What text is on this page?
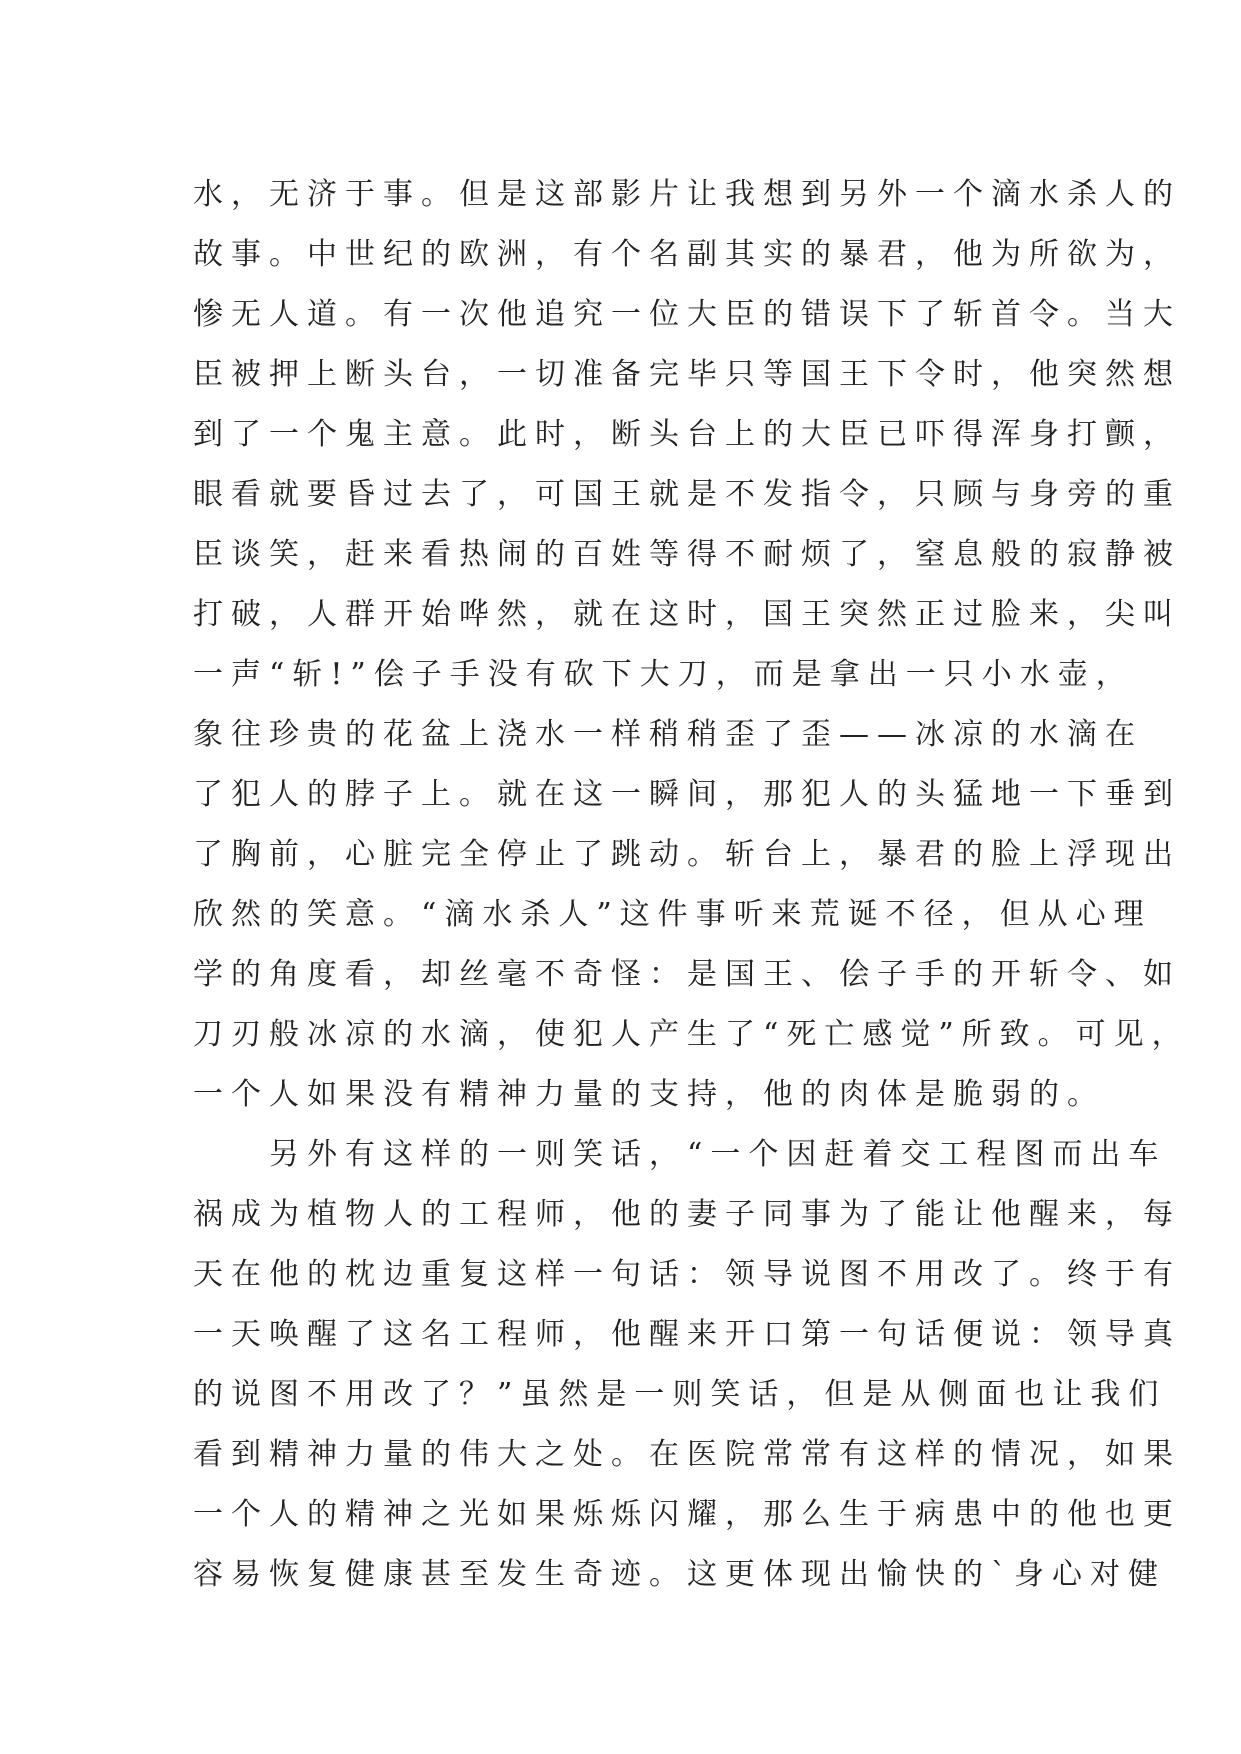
水，无济于事。但是这部影片让我想到另外一个滴水杀人的
故事。中世纪的欧洲，有个名副其实的暴君，他为所欲为，
惨无人道。有一次他追究一位大臣的错误下了斩首令。当大
臣被押上断头台，一切准备完毕只等国王下令时，他突然想
到了一个鬼主意。此时，断头台上的大臣已吓得浑身打颤，
眼看就要昏过去了，可国王就是不发指令，只顾与身旁的重
臣谈笑，赶来看热闹的百姓等得不耐烦了，窒息般的寂静被
打破，人群开始哗然，就在这时，国王突然正过脸来，尖叫
一声“斩!”侩子手没有砍下大刀，而是拿出一只小水壶，
象往珍贵的花盆上浇水一样稍稍歪了歪——冰凉的水滴在
了犯人的脖子上。就在这一瞬间，那犯人的头猛地一下垂到
了胸前，心脏完全停止了跳动。斩台上，暴君的脸上浮现出
欣然的笑意。“滴水杀人”这件事听来荒诞不径，但从心理
学的角度看，却丝毫不奇怪：是国王、侩子手的开斩令、如
刀刃般冰凉的水滴，使犯人产生了“死亡感觉”所致。可见，
一个人如果没有精神力量的支持，他的肉体是脆弱的。
　　另外有这样的一则笑话，“一个因赶着交工程图而出车
祸成为植物人的工程师，他的妻子同事为了能让他醒来，每
天在他的枕边重复这样一句话：领导说图不用改了。终于有
一天唤醒了这名工程师，他醒来开口第一句话便说：领导真
的说图不用改了？”虽然是一则笑话，但是从侧面也让我们
看到精神力量的伟大之处。在医院常常有这样的情况，如果
一个人的精神之光如果烁烁闪耀，那么生于病患中的他也更
容易恢复健康甚至发生奇迹。这更体现出愉快的`身心对健
